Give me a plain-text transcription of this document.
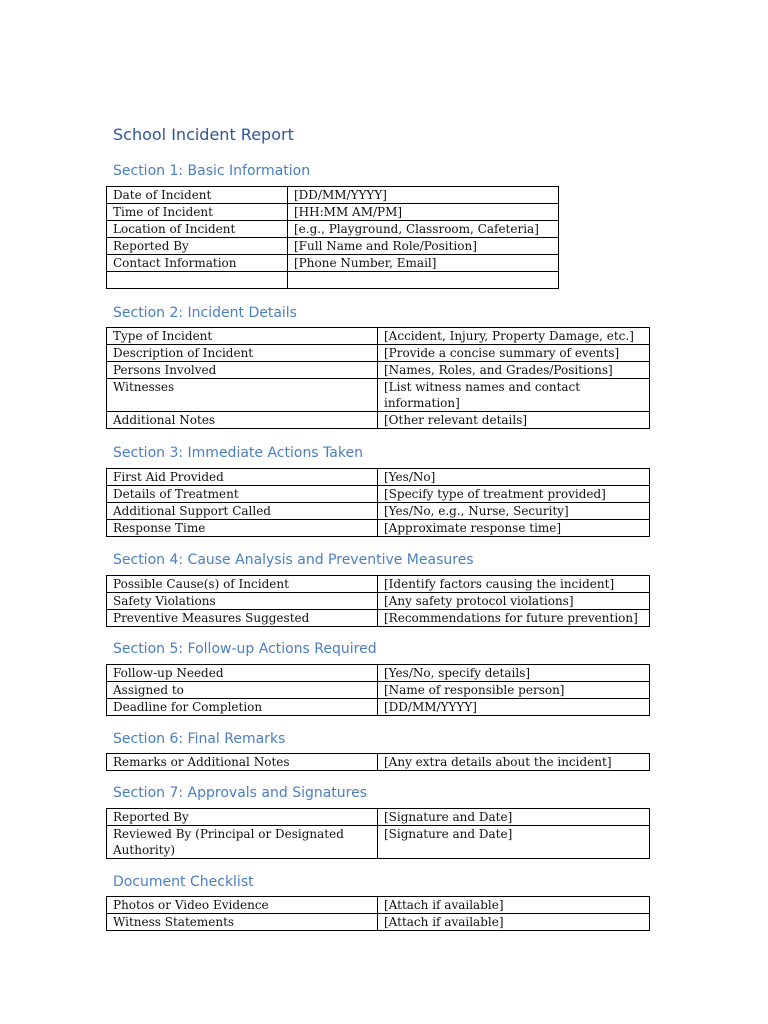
School Incident Report
Section 1: Basic Information
Date of Incident	[DD/MM/YYYY]
Time of Incident	[HH:MM AM/PM]
Location of Incident	[e.g., Playground, Classroom, Cafeteria]
Reported By	[Full Name and Role/Position]
Contact Information	[Phone Number, Email]

Section 2: Incident Details
Type of Incident	[Accident, Injury, Property Damage, etc.]
Description of Incident	[Provide a concise summary of events]
Persons Involved	[Names, Roles, and Grades/Positions]
Witnesses	[List witness names and contact information]
Additional Notes	[Other relevant details]
Section 3: Immediate Actions Taken
First Aid Provided	[Yes/No]
Details of Treatment	[Specify type of treatment provided]
Additional Support Called	[Yes/No, e.g., Nurse, Security]
Response Time	[Approximate response time]
Section 4: Cause Analysis and Preventive Measures
Possible Cause(s) of Incident	[Identify factors causing the incident]
Safety Violations	[Any safety protocol violations]
Preventive Measures Suggested	[Recommendations for future prevention]
Section 5: Follow-up Actions Required
Follow-up Needed	[Yes/No, specify details]
Assigned to	[Name of responsible person]
Deadline for Completion	[DD/MM/YYYY]
Section 6: Final Remarks
Remarks or Additional Notes	[Any extra details about the incident]
Section 7: Approvals and Signatures
Reported By	[Signature and Date]
Reviewed By (Principal or Designated Authority)	[Signature and Date]
Document Checklist
Photos or Video Evidence	[Attach if available]
Witness Statements	[Attach if available]
